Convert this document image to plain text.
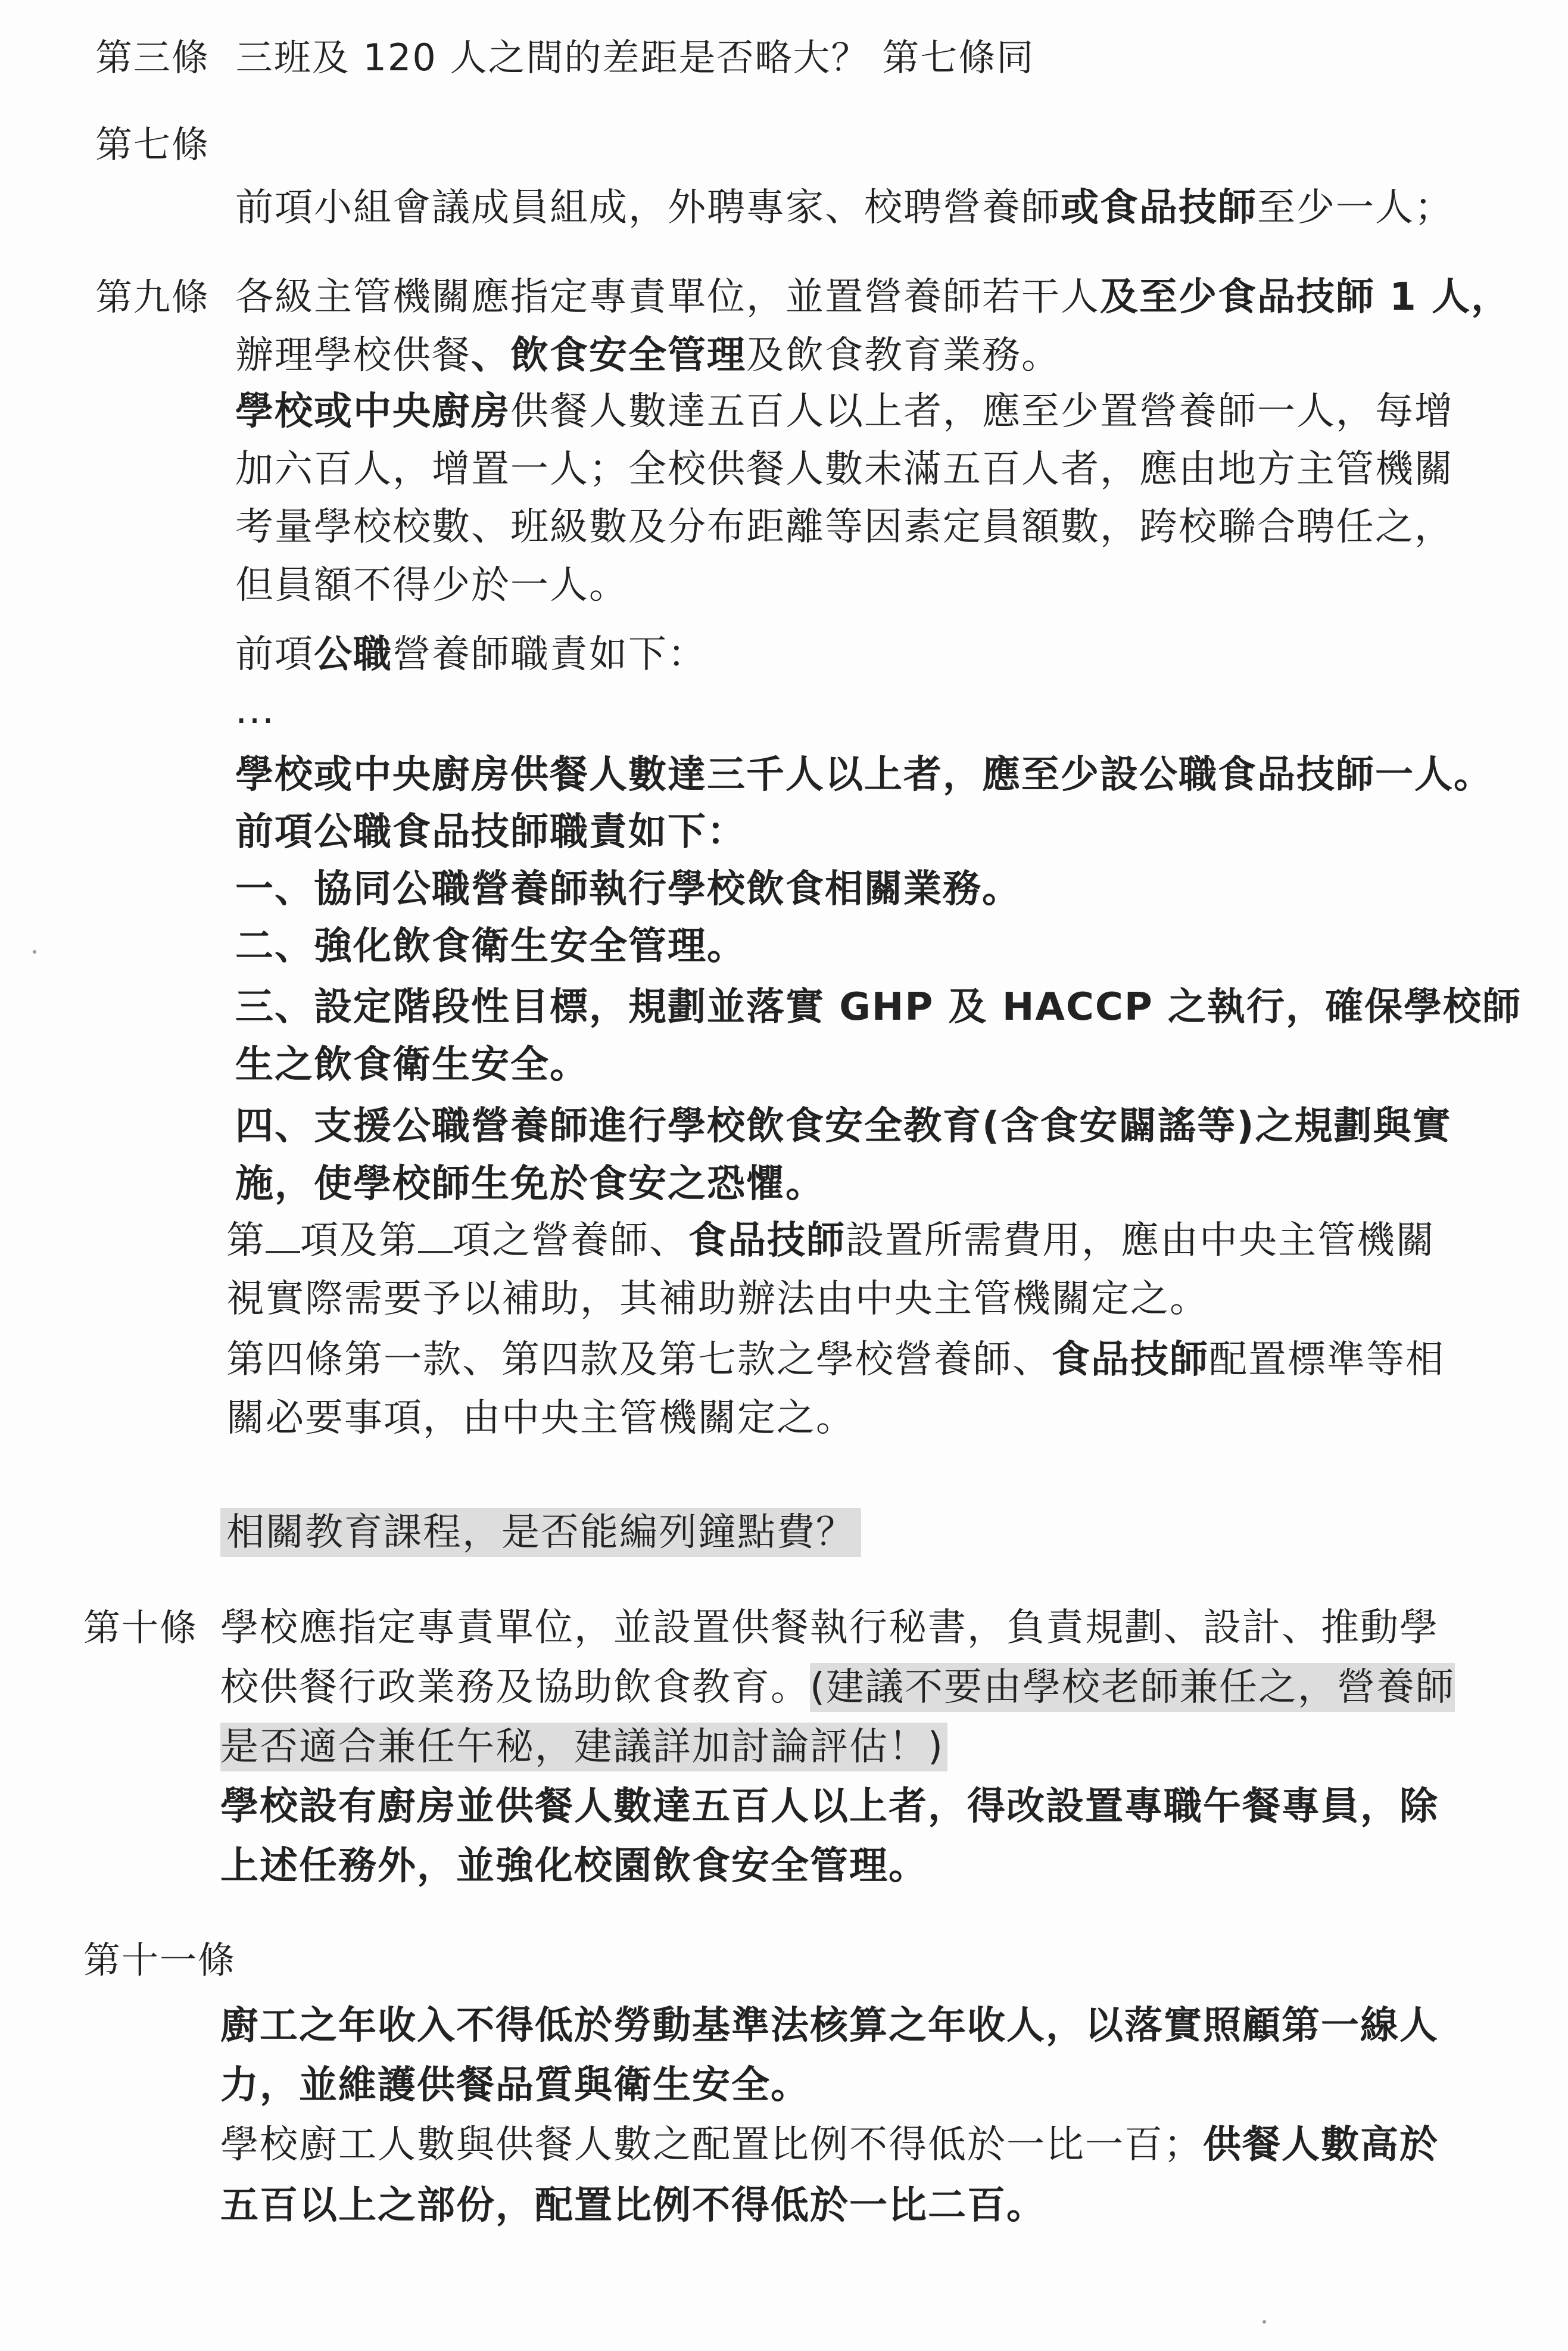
第三條 三班及 120 人之間的差距是否略大？ 第七條同
第七條
前項小組會議成員組成，外聘專家、校聘營養師或食品技師至少一人；
第九條 各級主管機關應指定專責單位，並置營養師若干人及至少食品技師 1 人，
辦理學校供餐、飲食安全管理及飲食教育業務。
學校或中央廚房供餐人數達五百人以上者，應至少置營養師一人，每增
加六百人，增置一人；全校供餐人數未滿五百人者，應由地方主管機關
考量學校校數、班級數及分布距離等因素定員額數，跨校聯合聘任之，
但員額不得少於一人。
前項公職營養師職責如下：
...
學校或中央廚房供餐人數達三千人以上者，應至少設公職食品技師一人。
前項公職食品技師職責如下：
一、協同公職營養師執行學校飲食相關業務。
二、強化飲食衛生安全管理。
三、設定階段性目標，規劃並落實 GHP 及 HACCP 之執行，確保學校師
生之飲食衛生安全。
四、支援公職營養師進行學校飲食安全教育(含食安闢謠等)之規劃與實
施，使學校師生免於食安之恐懼。
第 項及第 項之營養師、食品技師設置所需費用，應由中央主管機關
視實際需要予以補助，其補助辦法由中央主管機關定之。
第四條第一款、第四款及第七款之學校營養師、食品技師配置標準等相
關必要事項，由中央主管機關定之。
相關教育課程，是否能編列鐘點費？
第十條 學校應指定專責單位，並設置供餐執行秘書，負責規劃、設計、推動學
校供餐行政業務及協助飲食教育。(建議不要由學校老師兼任之，營養師
是否適合兼任午秘，建議詳加討論評估！)
學校設有廚房並供餐人數達五百人以上者，得改設置專職午餐專員，除
上述任務外，並強化校園飲食安全管理。
第十一條
廚工之年收入不得低於勞動基準法核算之年收人，以落實照顧第一線人
力，並維護供餐品質與衛生安全。
學校廚工人數與供餐人數之配置比例不得低於一比一百；供餐人數高於
五百以上之部份，配置比例不得低於一比二百。
